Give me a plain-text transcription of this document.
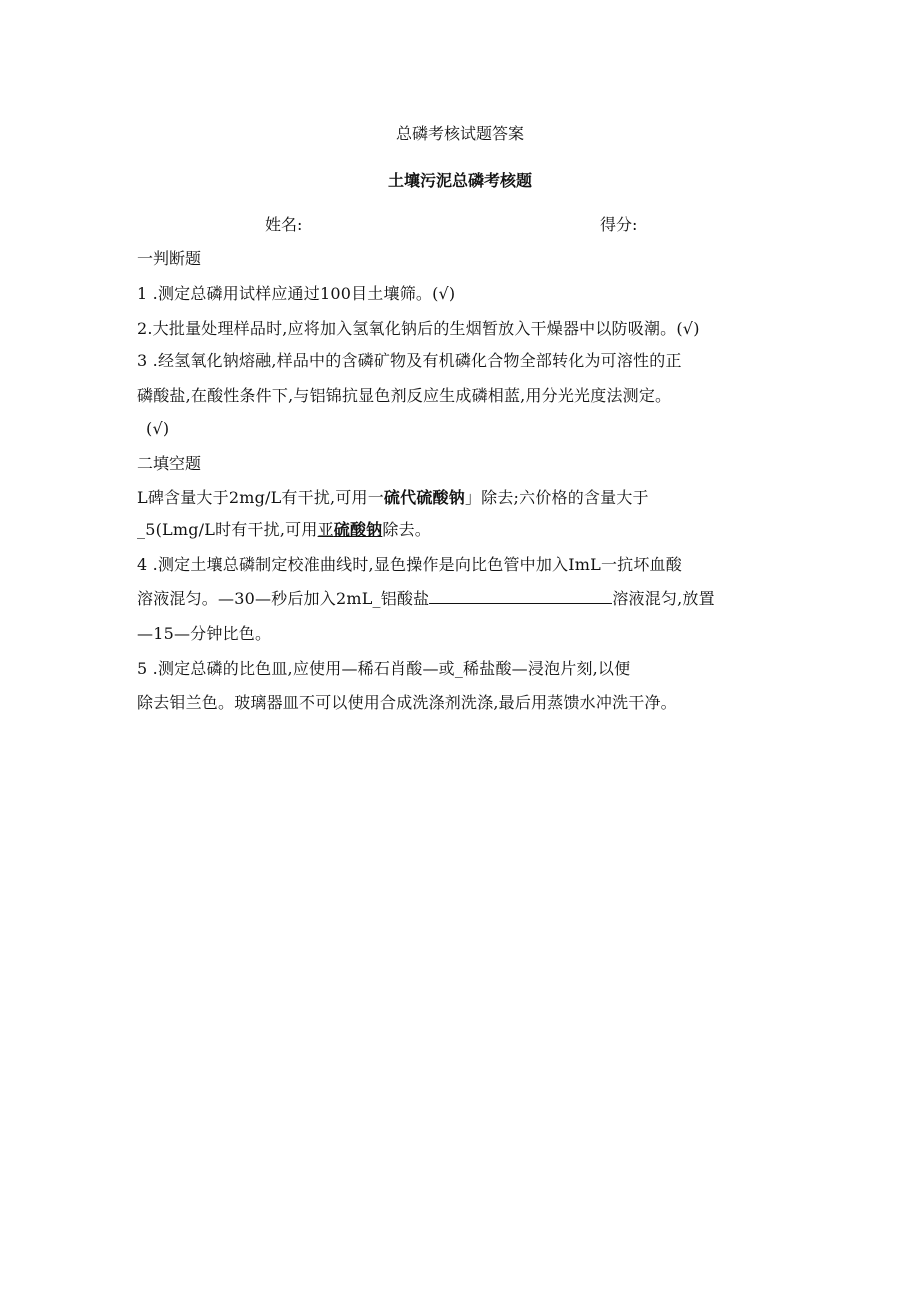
总磷考核试题答案
土壤污泥总磷考核题
姓名:	得分:
一判断题
1 .测定总磷用试样应通过100目土壤筛。(√)
2.大批量处理样品时,应将加入氢氧化钠后的生烟暂放入干燥器中以防吸潮。(√)
3 .经氢氧化钠熔融,样品中的含磷矿物及有机磷化合物全部转化为可溶性的正
磷酸盐,在酸性条件下,与铝锦抗显色剂反应生成磷相蓝,用分光光度法测定。
(√)
二填空题
L碑含量大于2mg/L有干扰,可用一硫代硫酸钠」除去;六价格的含量大于
_5(Lmg/L时有干扰,可用亚硫酸钠除去。
4 .测定土壤总磷制定校准曲线时,显色操作是向比色管中加入ImL一抗坏血酸
溶液混匀。—30—秒后加入2mL_铝酸盐	溶液混匀,放置
—15—分钟比色。
5 .测定总磷的比色皿,应使用—稀石肖酸—或_稀盐酸—浸泡片刻,以便
除去钼兰色。玻璃器皿不可以使用合成洗涤剂洗涤,最后用蒸馈水冲洗干净。
